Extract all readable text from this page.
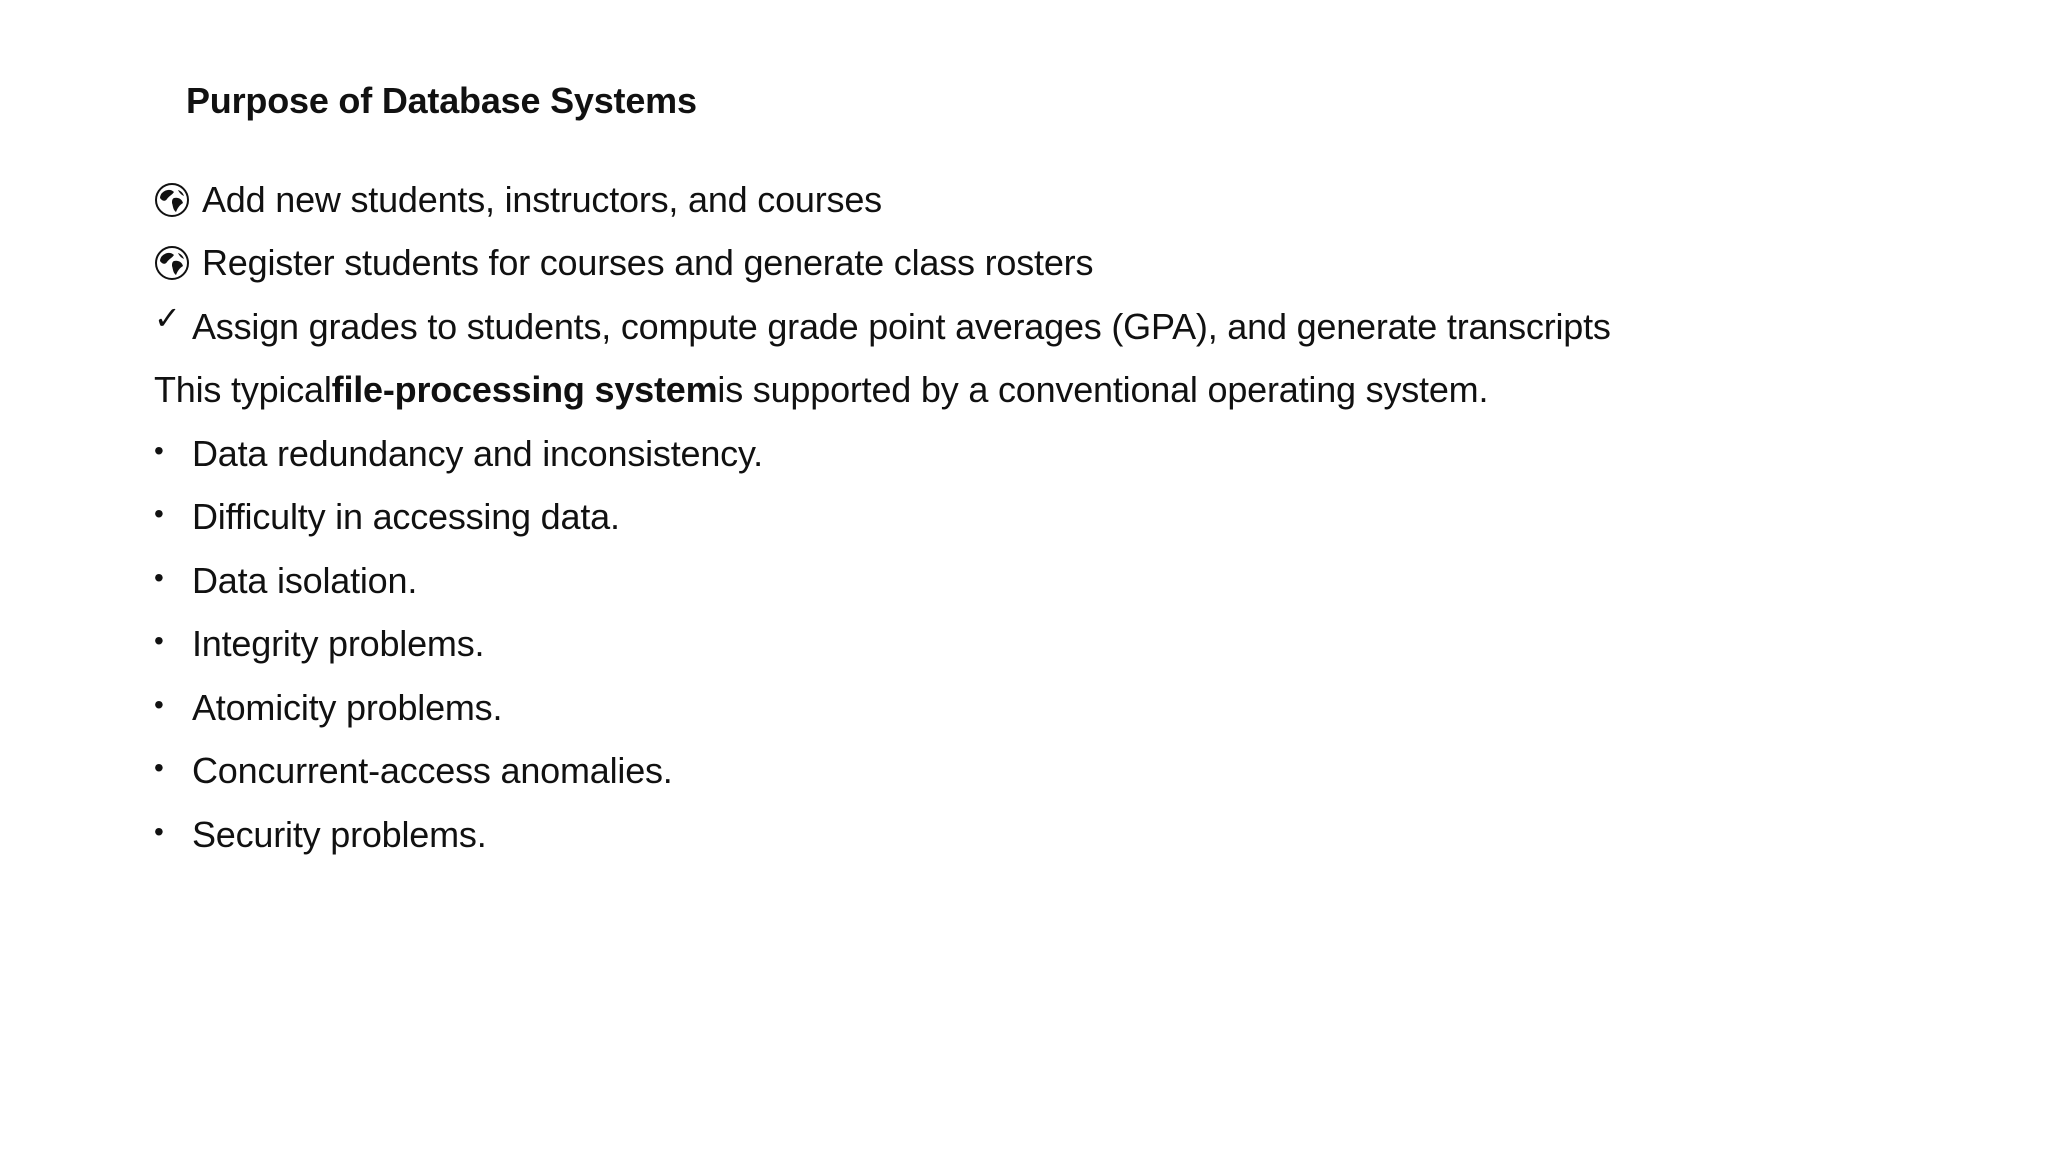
Purpose of Database Systems
Add new students, instructors, and courses
Register students for courses and generate class rosters
✓ Assign grades to students, compute grade point averages (GPA), and generate transcripts
This typical file-processing system is supported by a conventional operating system.
• Data redundancy and inconsistency.
• Difficulty in accessing data.
• Data isolation.
• Integrity problems.
• Atomicity problems.
• Concurrent-access anomalies.
• Security problems.
